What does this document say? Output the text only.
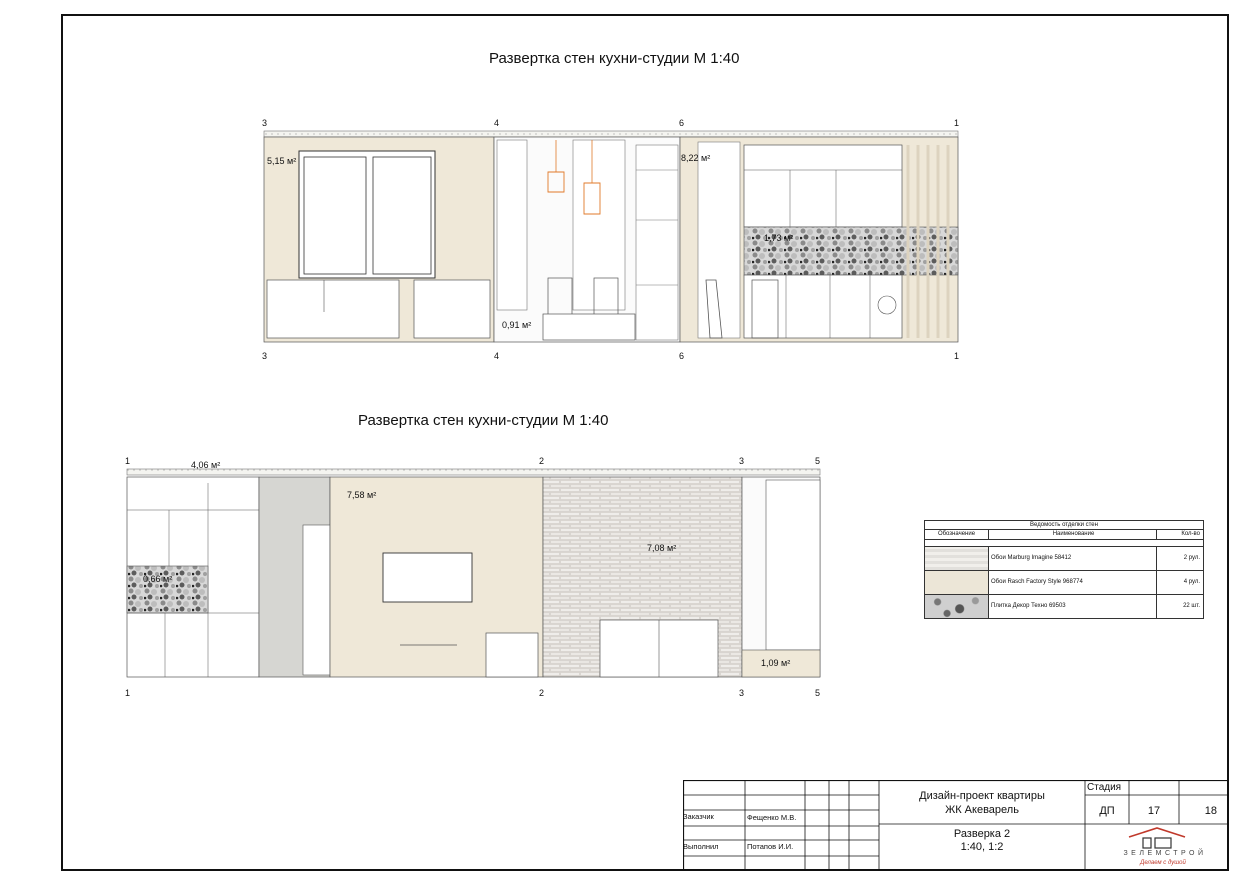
Развертка стен кухни-студии М 1:40
Развертка стен кухни-студии М 1:40
3	4	6	1
3	4	6	1
1	2	3	5
1	2	3	5
5,15 м²	8,22 м²
1,73 м²
0,91 м²
4,06 м²
7,58 м²
7,08 м²
0,66 м²
1,09 м²
Ведомость отделки стен
Обозначение	Наименование	Кол-во
Обои Marburg Imagine 58412	2 рул.
Обои Rasch Factory Style 968774	4 рул.
Плитка Декор Техно 69503	22 шт.
Заказчик	Фещенко М.В.
Выполнил	Потапов И.И.
Дизайн-проект квартиры
ЖК Акеварель
Разверка 2
1:40, 1:2
Стадия
ДП	17	18
ЗЕЛЕМСТРОЙ
Делаем с душой
